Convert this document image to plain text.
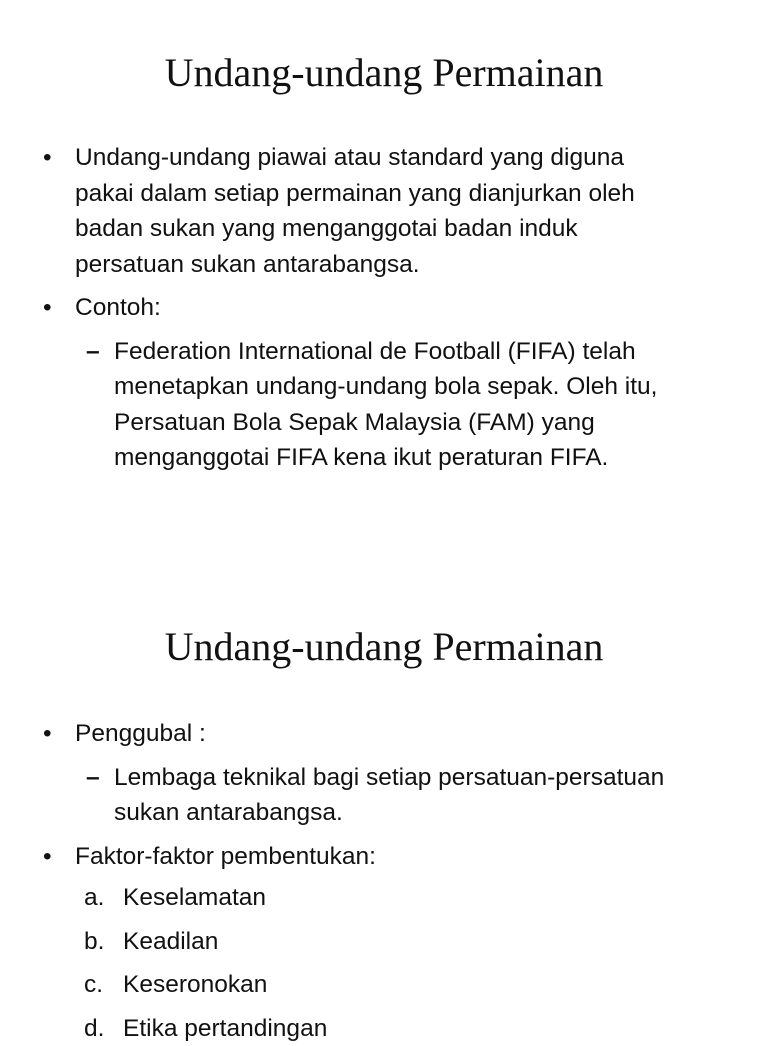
Undang-undang Permainan
• Undang-undang piawai atau standard yang diguna
pakai dalam setiap permainan yang dianjurkan oleh
badan sukan yang menganggotai badan induk
persatuan sukan antarabangsa.
• Contoh:
– Federation International de Football (FIFA) telah
menetapkan undang-undang bola sepak. Oleh itu,
Persatuan Bola Sepak Malaysia (FAM) yang
menganggotai FIFA kena ikut peraturan FIFA.
Undang-undang Permainan
• Penggubal :
– Lembaga teknikal bagi setiap persatuan-persatuan
sukan antarabangsa.
• Faktor-faktor pembentukan:
a. Keselamatan
b. Keadilan
c. Keseronokan
d. Etika pertandingan
